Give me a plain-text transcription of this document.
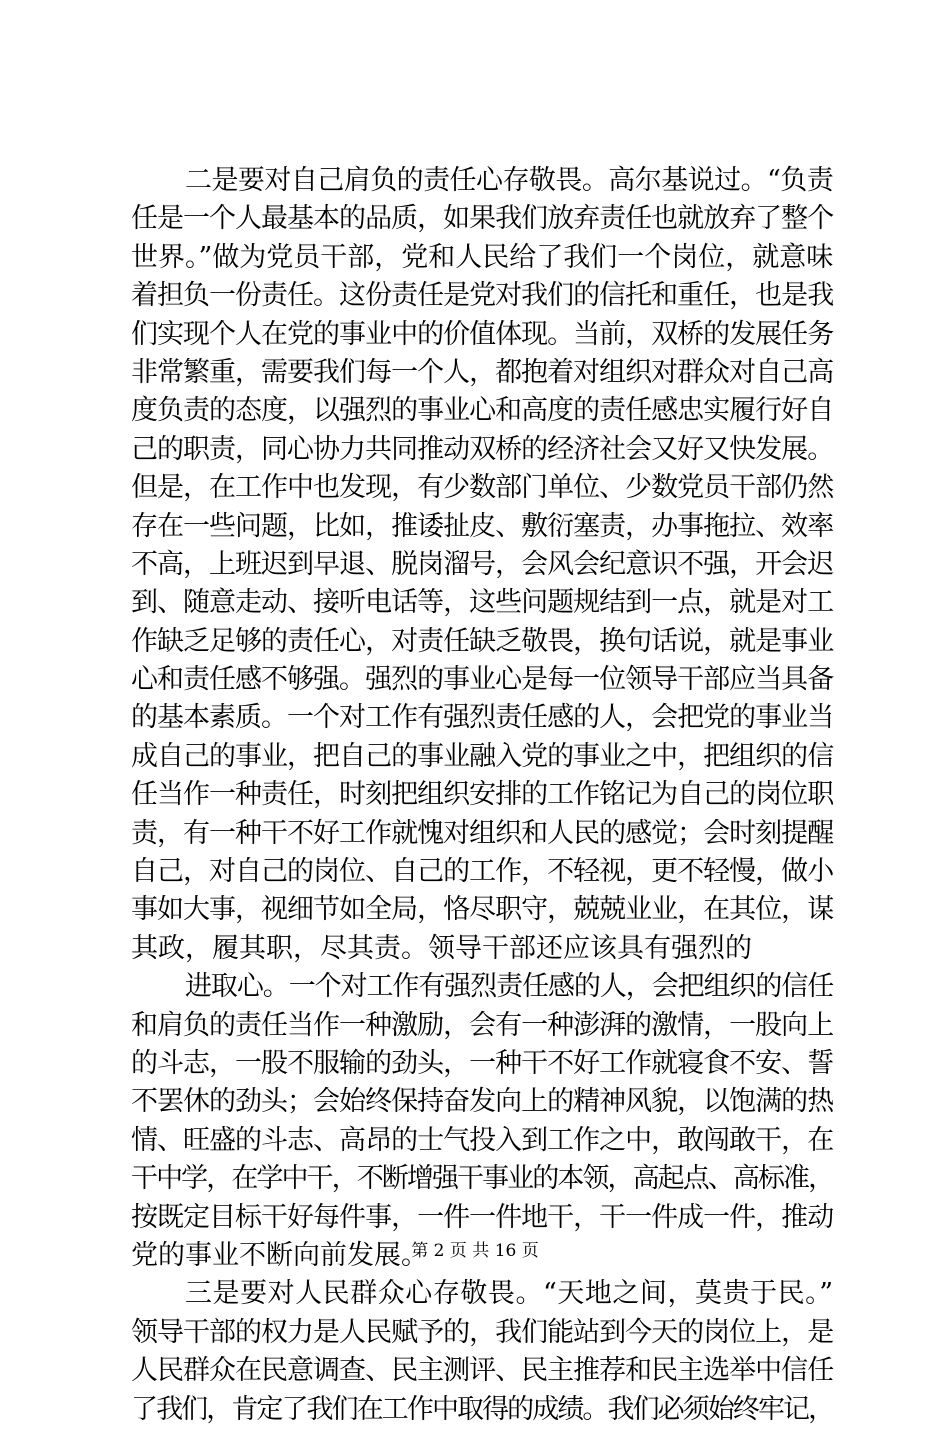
二是要对自己肩负的责任心存敬畏。高尔基说过。“负责
任是一个人最基本的品质，如果我们放弃责任也就放弃了整个
世界。”做为党员干部，党和人民给了我们一个岗位，就意味
着担负一份责任。这份责任是党对我们的信托和重任，也是我
们实现个人在党的事业中的价值体现。当前，双桥的发展任务
非常繁重，需要我们每一个人，都抱着对组织对群众对自己高
度负责的态度，以强烈的事业心和高度的责任感忠实履行好自
己的职责，同心协力共同推动双桥的经济社会又好又快发展。
但是，在工作中也发现，有少数部门单位、少数党员干部仍然
存在一些问题，比如，推诿扯皮、敷衍塞责，办事拖拉、效率
不高，上班迟到早退、脱岗溜号，会风会纪意识不强，开会迟
到、随意走动、接听电话等，这些问题规结到一点，就是对工
作缺乏足够的责任心，对责任缺乏敬畏，换句话说，就是事业
心和责任感不够强。强烈的事业心是每一位领导干部应当具备
的基本素质。一个对工作有强烈责任感的人，会把党的事业当
成自己的事业，把自己的事业融入党的事业之中，把组织的信
任当作一种责任，时刻把组织安排的工作铭记为自己的岗位职
责，有一种干不好工作就愧对组织和人民的感觉；会时刻提醒
自己，对自己的岗位、自己的工作，不轻视，更不轻慢，做小
事如大事，视细节如全局，恪尽职守，兢兢业业，在其位，谋
其政，履其职，尽其责。领导干部还应该具有强烈的
进取心。一个对工作有强烈责任感的人，会把组织的信任
和肩负的责任当作一种激励，会有一种澎湃的激情，一股向上
的斗志，一股不服输的劲头，一种干不好工作就寝食不安、誓
不罢休的劲头；会始终保持奋发向上的精神风貌，以饱满的热
情、旺盛的斗志、高昂的士气投入到工作之中，敢闯敢干，在
干中学，在学中干，不断增强干事业的本领，高起点、高标准，
按既定目标干好每件事，一件一件地干，干一件成一件，推动
党的事业不断向前发展。
三是要对人民群众心存敬畏。“天地之间，莫贵于民。”
领导干部的权力是人民赋予的，我们能站到今天的岗位上，是
人民群众在民意调查、民主测评、民主推荐和民主选举中信任
了我们，肯定了我们在工作中取得的成绩。我们必须始终牢记，
第 2 页 共 16 页
